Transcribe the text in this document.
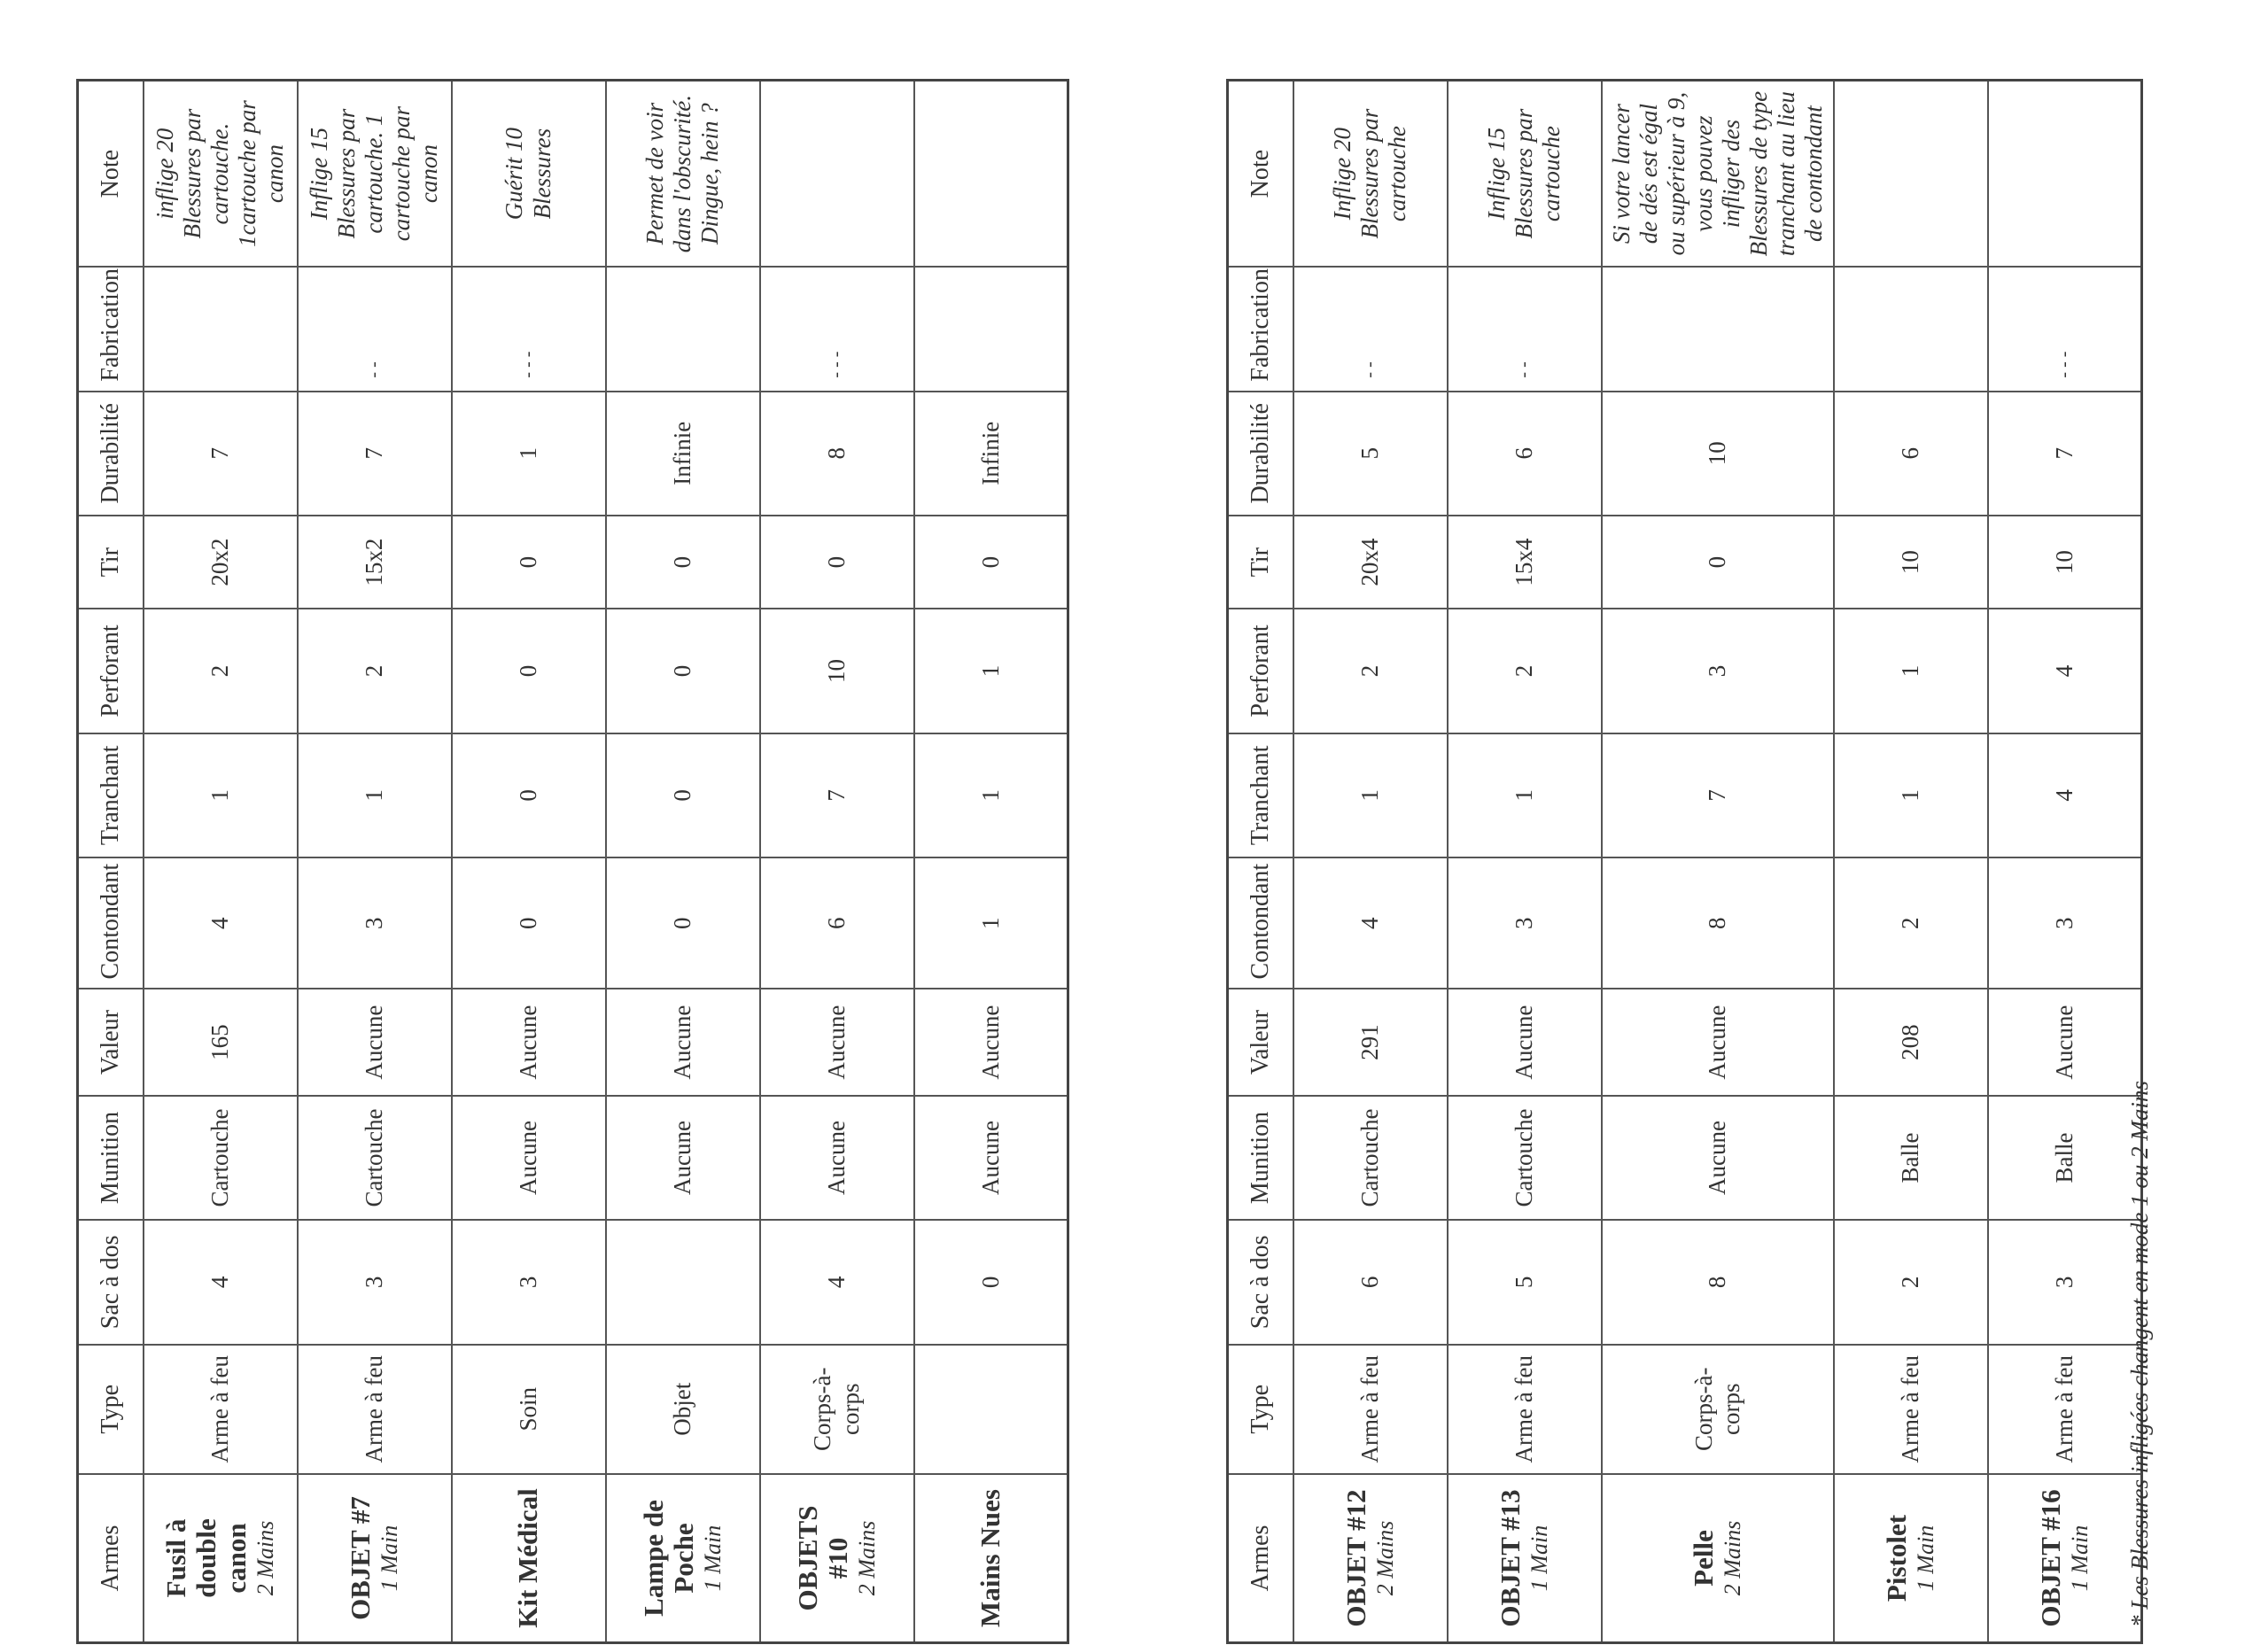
Armes	Type	Sac à dos	Munition	Valeur	Contondant	Tranchant	Perforant	Tir	Durabilité	Fabrication	Note

Fusil à double canon 2 Mains	Arme à feu	4	Cartouche	165	4	1	2	20x2	7		inflige 20 Blessures par cartouche. 1cartouche par canon

OBJET #7 1 Main	Arme à feu	3	Cartouche	Aucune	3	1	2	15x2	7	- -	Inflige 15 Blessures par cartouche. 1 cartouche par canon

Kit Médical	Soin	3	Aucune	Aucune	0	0	0	0	1	- - -	Guérit 10 Blessures

Lampe de Poche 1 Main	Objet		Aucune	Aucune	0	0	0	0	Infinie		Permet de voir dans l'obscurité. Dingue, hein ?

OBJETS #10 2 Mains	Corps-à-corps	4	Aucune	Aucune	6	7	10	0	8	- - -	

Mains Nues		0	Aucune	Aucune	1	1	1	0	Infinie		
Armes	Type	Sac à dos	Munition	Valeur	Contondant	Tranchant	Perforant	Tir	Durabilité	Fabrication	Note

OBJET #12 2 Mains	Arme à feu	6	Cartouche	291	4	1	2	20x4	5	- -	Inflige 20 Blessures par cartouche

OBJET #13 1 Main	Arme à feu	5	Cartouche	Aucune	3	1	2	15x4	6	- -	Inflige 15 Blessures par cartouche

Pelle 2 Mains	Corps-à-corps	8	Aucune	Aucune	8	7	3	0	10		Si votre lancer de dés est égal ou supérieur à 9, vous pouvez infliger des Blessures de type tranchant au lieu de contondant

Pistolet 1 Main	Arme à feu	2	Balle	208	2	1	1	10	6		

OBJET #16 1 Main	Arme à feu	3	Balle	Aucune	3	4	4	10	7	- - -	
* Les Blessures infligées changent en mode 1 ou 2 Mains
